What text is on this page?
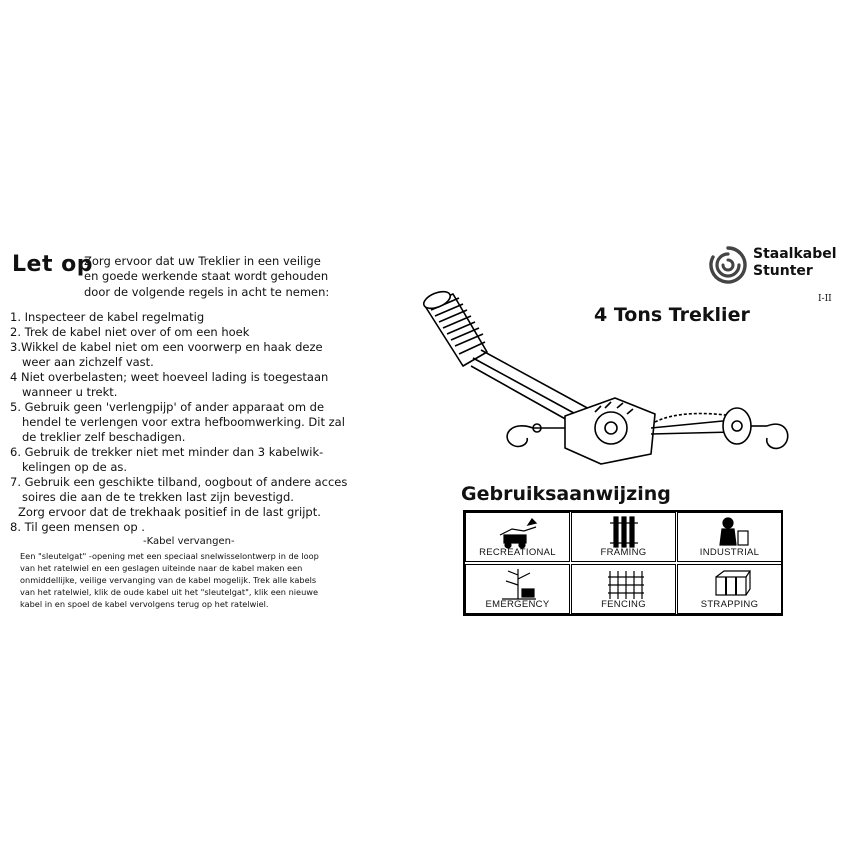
Let op
Zorg ervoor dat uw Treklier in een veilige
en goede werkende staat wordt gehouden
door de volgende regels in acht te nemen:
1. Inspecteer de kabel regelmatig
2. Trek de kabel niet over of om een hoek
3.Wikkel de kabel niet om een voorwerp en haak deze
weer aan zichzelf vast.
4 Niet overbelasten; weet hoeveel lading is toegestaan
wanneer u trekt.
5. Gebruik geen 'verlengpijp' of ander apparaat om de
hendel te verlengen voor extra hefboomwerking. Dit zal
de treklier zelf beschadigen.
6. Gebruik de trekker niet met minder dan 3 kabelwik-
kelingen op de as.
7. Gebruik een geschikte tilband, oogbout of andere acces
soires die aan de te trekken last zijn bevestigd.
Zorg ervoor dat de trekhaak positief in de last grijpt.
8. Til geen mensen op .
-Kabel vervangen-
Een "sleutelgat" -opening met een speciaal snelwisselontwerp in de loop
van het ratelwiel en een geslagen uiteinde naar de kabel maken een
onmiddellijke, veilige vervanging van de kabel mogelijk. Trek alle kabels
van het ratelwiel, klik de oude kabel uit het "sleutelgat", klik een nieuwe
kabel in en spoel de kabel vervolgens terug op het ratelwiel.
Staalkabel
Stunter
I-II
4 Tons Treklier
Gebruiksaanwijzing
RECREATIONAL	FRAMING	INDUSTRIAL
EMERGENCY	FENCING	STRAPPING
